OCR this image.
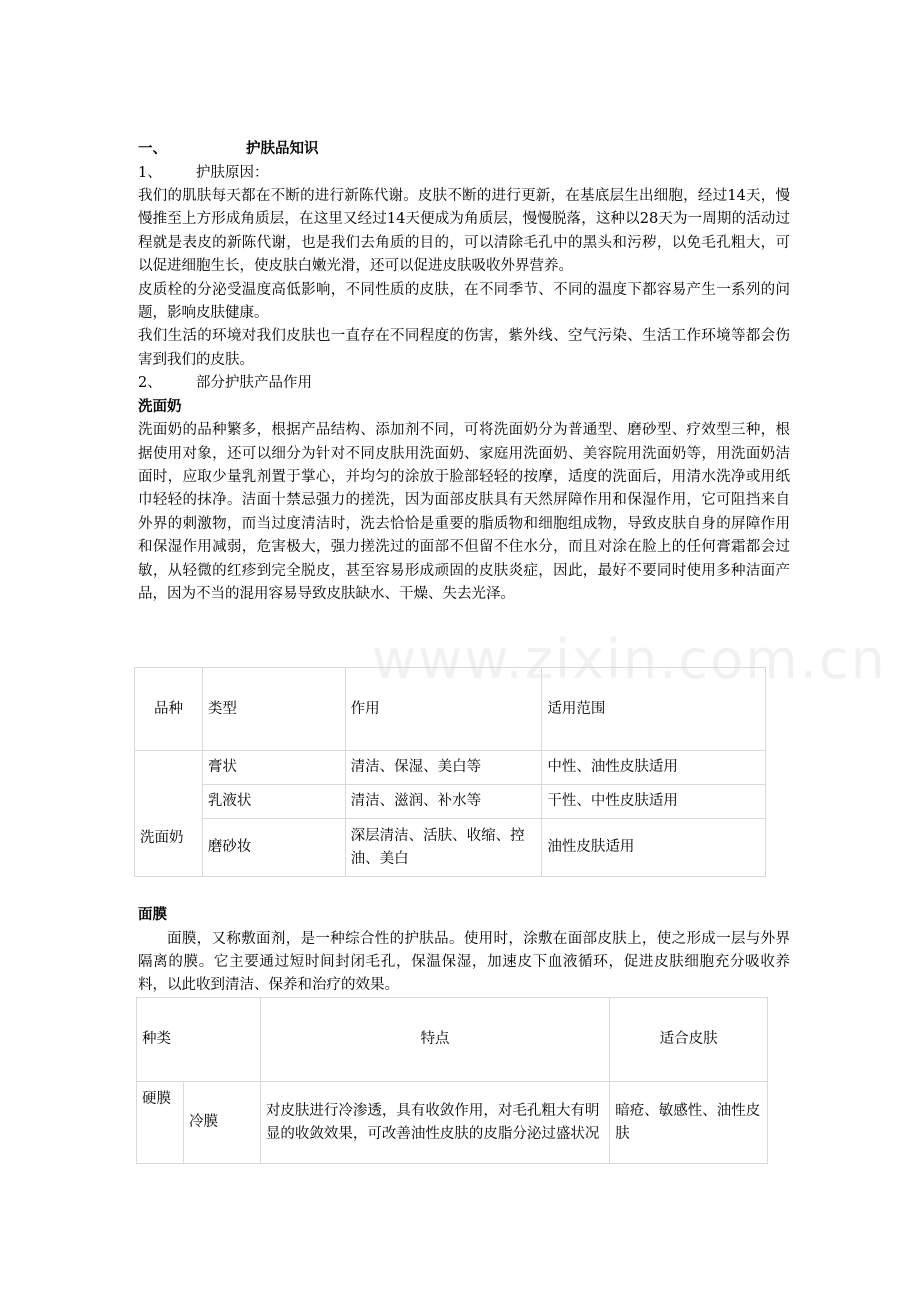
www.zixin.com.cn

一、	护肤品知识

1、 护肤原因：

我们的肌肤每天都在不断的进行新陈代谢。皮肤不断的进行更新，在基底层生出细胞，经过14天，慢慢推至上方形成角质层，在这里又经过14天便成为角质层，慢慢脱落，这种以28天为一周期的活动过程就是表皮的新陈代谢，也是我们去角质的目的，可以清除毛孔中的黑头和污秽，以免毛孔粗大，可以促进细胞生长，使皮肤白嫩光滑，还可以促进皮肤吸收外界营养。

皮质栓的分泌受温度高低影响，不同性质的皮肤，在不同季节、不同的温度下都容易产生一系列的问题，影响皮肤健康。

我们生活的环境对我们皮肤也一直存在不同程度的伤害，紫外线、空气污染、生活工作环境等都会伤害到我们的皮肤。

2、 部分护肤产品作用

洗面奶

洗面奶的品种繁多，根据产品结构、添加剂不同，可将洗面奶分为普通型、磨砂型、疗效型三种，根据使用对象，还可以细分为针对不同皮肤用洗面奶、家庭用洗面奶、美容院用洗面奶等，用洗面奶洁面时，应取少量乳剂置于掌心，并均匀的涂放于脸部轻轻的按摩，适度的洗面后，用清水洗净或用纸巾轻轻的抹净。洁面十禁忌强力的搓洗，因为面部皮肤具有天然屏障作用和保湿作用，它可阻挡来自外界的刺激物，而当过度清洁时，洗去恰恰是重要的脂质物和细胞组成物，导致皮肤自身的屏障作用和保湿作用减弱，危害极大，强力搓洗过的面部不但留不住水分，而且对涂在脸上的任何膏霜都会过敏，从轻微的红疹到完全脱皮，甚至容易形成顽固的皮肤炎症，因此，最好不要同时使用多种洁面产品，因为不当的混用容易导致皮肤缺水、干燥、失去光泽。

品种	类型	作用	适用范围
洗面奶	膏状	清洁、保湿、美白等	中性、油性皮肤适用
	乳液状	清洁、滋润、补水等	干性、中性皮肤适用
	磨砂妆	深层清洁、活肤、收缩、控油、美白	油性皮肤适用

面膜

面膜，又称敷面剂，是一种综合性的护肤品。使用时，涂敷在面部皮肤上，使之形成一层与外界隔离的膜。它主要通过短时间封闭毛孔，保温保湿，加速皮下血液循环，促进皮肤细胞充分吸收养料，以此收到清洁、保养和治疗的效果。

种类		特点	适合皮肤
硬膜	冷膜	对皮肤进行冷渗透，具有收敛作用，对毛孔粗大有明显的收敛效果，可改善油性皮肤的皮脂分泌过盛状况	暗疮、敏感性、油性皮肤
